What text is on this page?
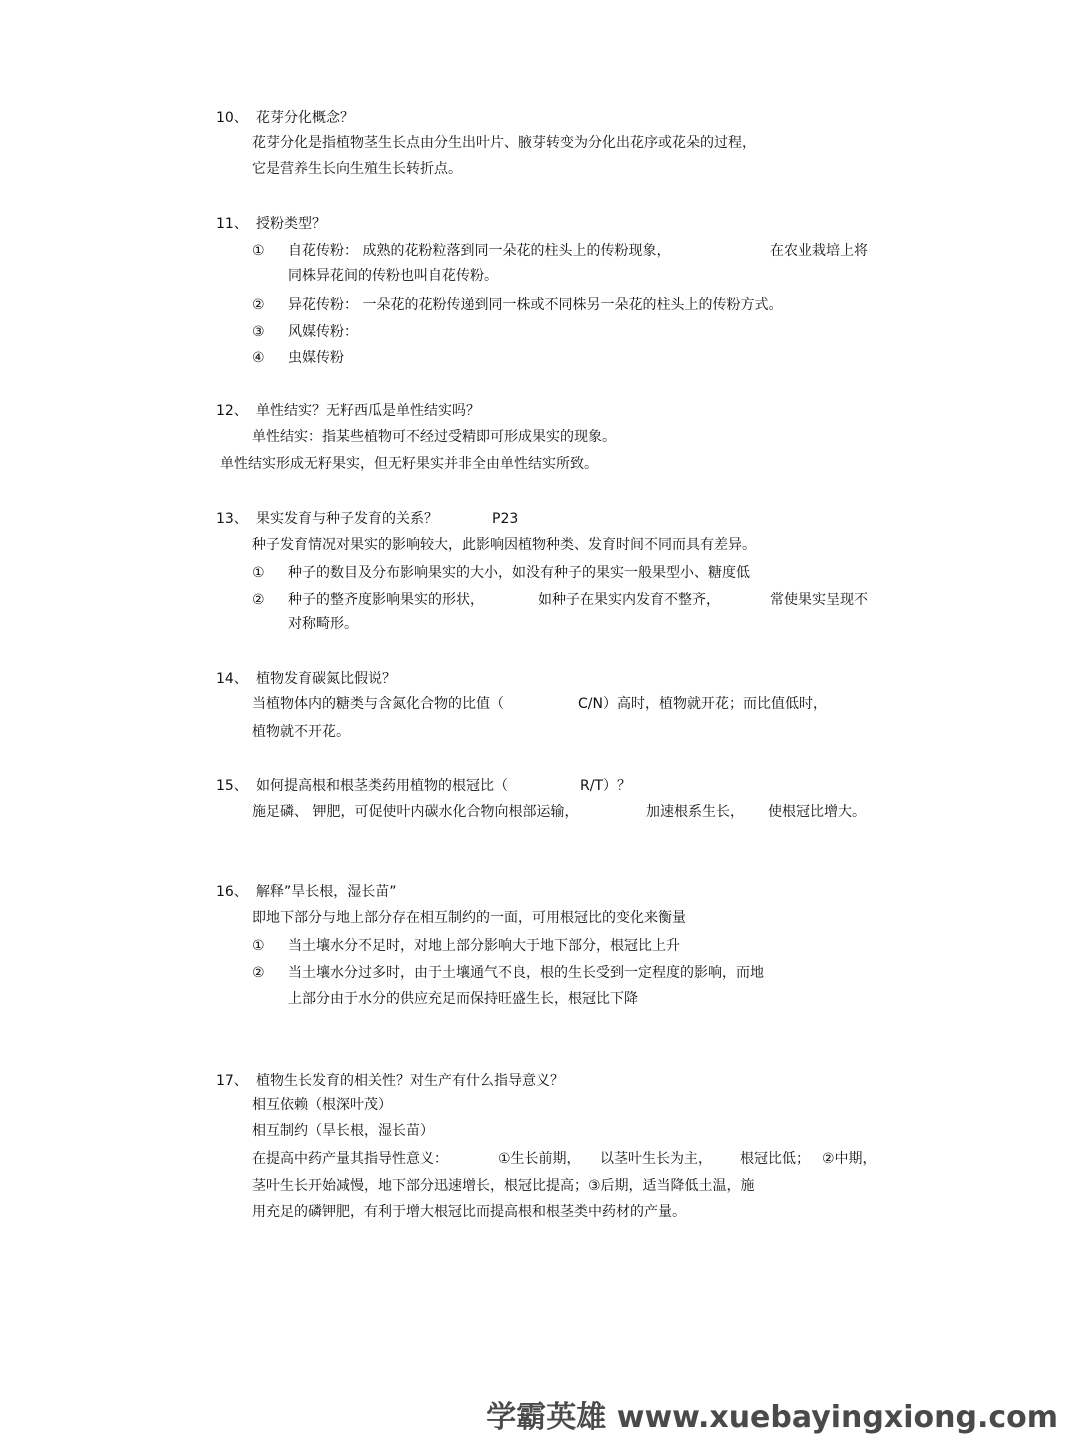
10、 花芽分化概念？
花芽分化是指植物茎生长点由分生出叶片、腋芽转变为分化出花序或花朵的过程，
它是营养生长向生殖生长转折点。
11、 授粉类型？
① 自花传粉： 成熟的花粉粒落到同一朵花的柱头上的传粉现象，	在农业栽培上将
同株异花间的传粉也叫自花传粉。
② 异花传粉： 一朵花的花粉传递到同一株或不同株另一朵花的柱头上的传粉方式。
③ 风媒传粉：
④ 虫媒传粉
12、 单性结实？无籽西瓜是单性结实吗？
单性结实：指某些植物可不经过受精即可形成果实的现象。
单性结实形成无籽果实，但无籽果实并非全由单性结实所致。
13、 果实发育与种子发育的关系？	P23
种子发育情况对果实的影响较大，此影响因植物种类、发育时间不同而具有差异。
① 种子的数目及分布影响果实的大小，如没有种子的果实一般果型小、糖度低
② 种子的整齐度影响果实的形状，	如种子在果实内发育不整齐，	常使果实呈现不
对称畸形。
14、 植物发育碳氮比假说？
当植物体内的糖类与含氮化合物的比值（	C/N）高时，植物就开花；而比值低时，
植物就不开花。
15、 如何提高根和根茎类药用植物的根冠比（	R/T）？
施足磷、 钾肥，可促使叶内碳水化合物向根部运输，	加速根系生长， 使根冠比增大。
16、 解释”旱长根，湿长苗”
即地下部分与地上部分存在相互制约的一面，可用根冠比的变化来衡量
① 当土壤水分不足时，对地上部分影响大于地下部分，根冠比上升
② 当土壤水分过多时，由于土壤通气不良，根的生长受到一定程度的影响，而地
上部分由于水分的供应充足而保持旺盛生长，根冠比下降
17、 植物生长发育的相关性？对生产有什么指导意义？
相互依赖（根深叶茂）
相互制约（旱长根，湿长苗）
在提高中药产量其指导性意义：	①生长前期， 以茎叶生长为主， 根冠比低； ②中期，
茎叶生长开始减慢，地下部分迅速增长，根冠比提高；③后期，适当降低土温，施
用充足的磷钾肥，有利于增大根冠比而提高根和根茎类中药材的产量。
学霸英雄 www.xuebayingxiong.com
